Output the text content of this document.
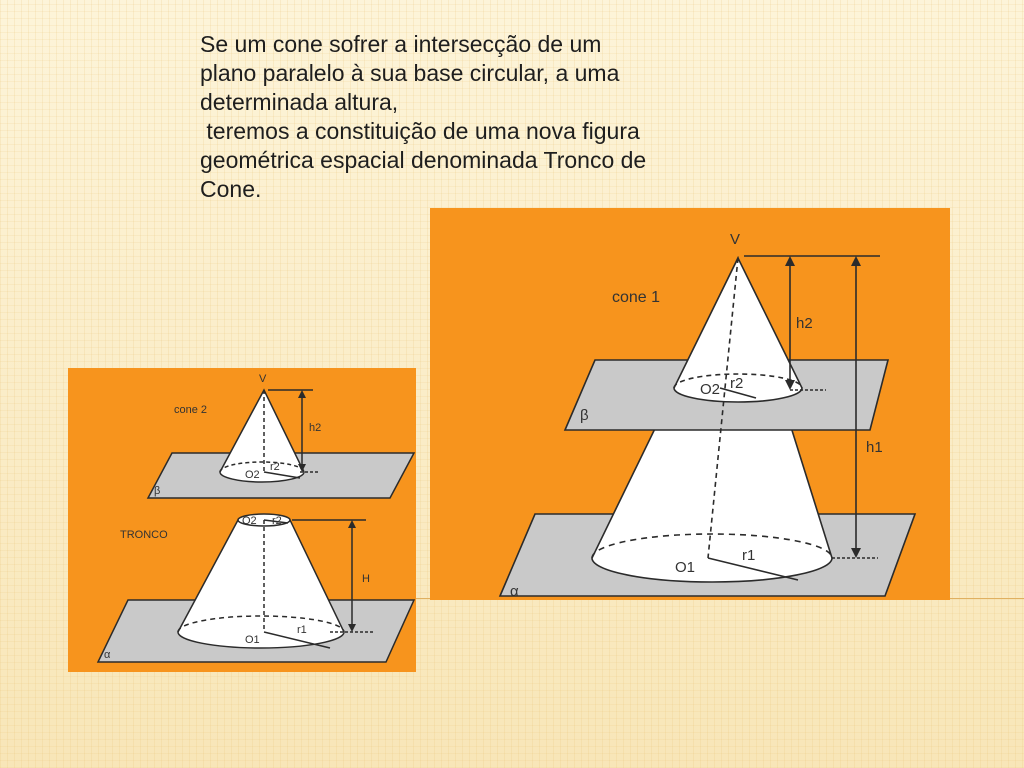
Se um cone sofrer a intersecção de um
plano paralelo à sua base circular, a uma
determinada altura,
teremos a constituição de uma nova figura
geométrica espacial denominada Tronco de
Cone.
V
cone 2
h2
O2
r2
β
TRONCO
O2 r2
H
O1
r1
α
V
cone 1
h2
h1
O2 r2
β
O1
r1
α
